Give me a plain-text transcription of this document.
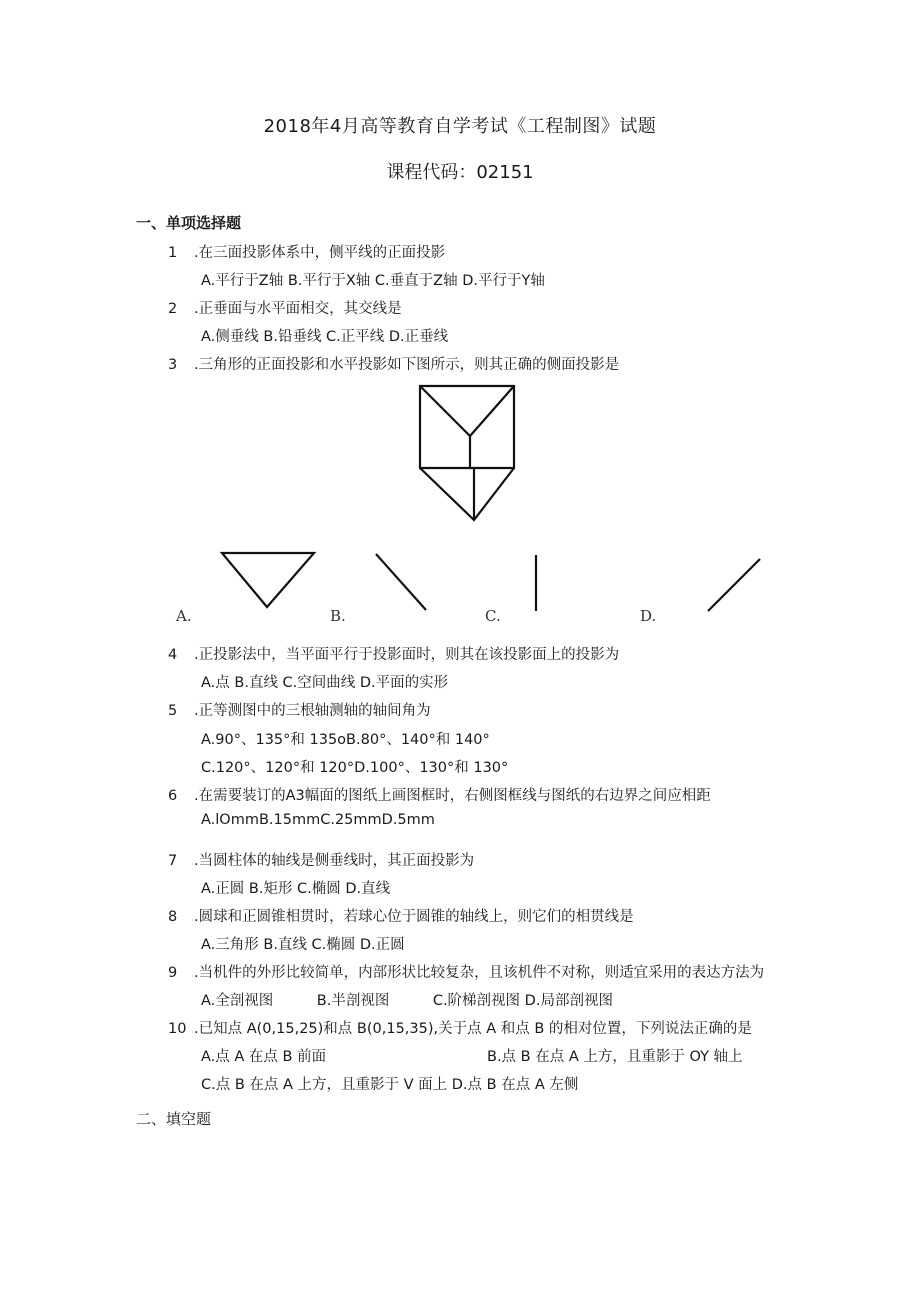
2018年4月高等教育自学考试《工程制图》试题
课程代码：02151
一、单项选择题
1 .在三面投影体系中，侧平线的正面投影
A.平行于Z轴 B.平行于X轴 C.垂直于Z轴 D.平行于Y轴
2 .正垂面与水平面相交，其交线是
A.侧垂线 B.铅垂线 C.正平线 D.正垂线
3 .三角形的正面投影和水平投影如下图所示，则其正确的侧面投影是
A.	B.	C.	D.
4 .正投影法中，当平面平行于投影面时，则其在该投影面上的投影为
A.点 B.直线 C.空间曲线 D.平面的实形
5 .正等测图中的三根轴测轴的轴间角为
A.90°、135°和 135oB.80°、140°和 140°
C.120°、120°和 120°D.100°、130°和 130°
6 .在需要装订的A3幅面的图纸上画图框时，右侧图框线与图纸的右边界之间应相距
A.lOmmB.15mmC.25mmD.5mm
7 .当圆柱体的轴线是侧垂线时，其正面投影为
A.正圆 B.矩形 C.椭圆 D.直线
8 .圆球和正圆锥相贯时，若球心位于圆锥的轴线上，则它们的相贯线是
A.三角形 B.直线 C.椭圆 D.正圆
9 .当机件的外形比较简单，内部形状比较复杂，且该机件不对称，则适宜采用的表达方法为
A.全剖视图　　　B.半剖视图　　　C.阶梯剖视图 D.局部剖视图
10 .已知点 A(0,15,25)和点 B(0,15,35),关于点 A 和点 B 的相对位置，下列说法正确的是
A.点 A 在点 B 前面	B.点 B 在点 A 上方，且重影于 OY 轴上
C.点 B 在点 A 上方，且重影于 V 面上 D.点 B 在点 A 左侧
二、填空题
